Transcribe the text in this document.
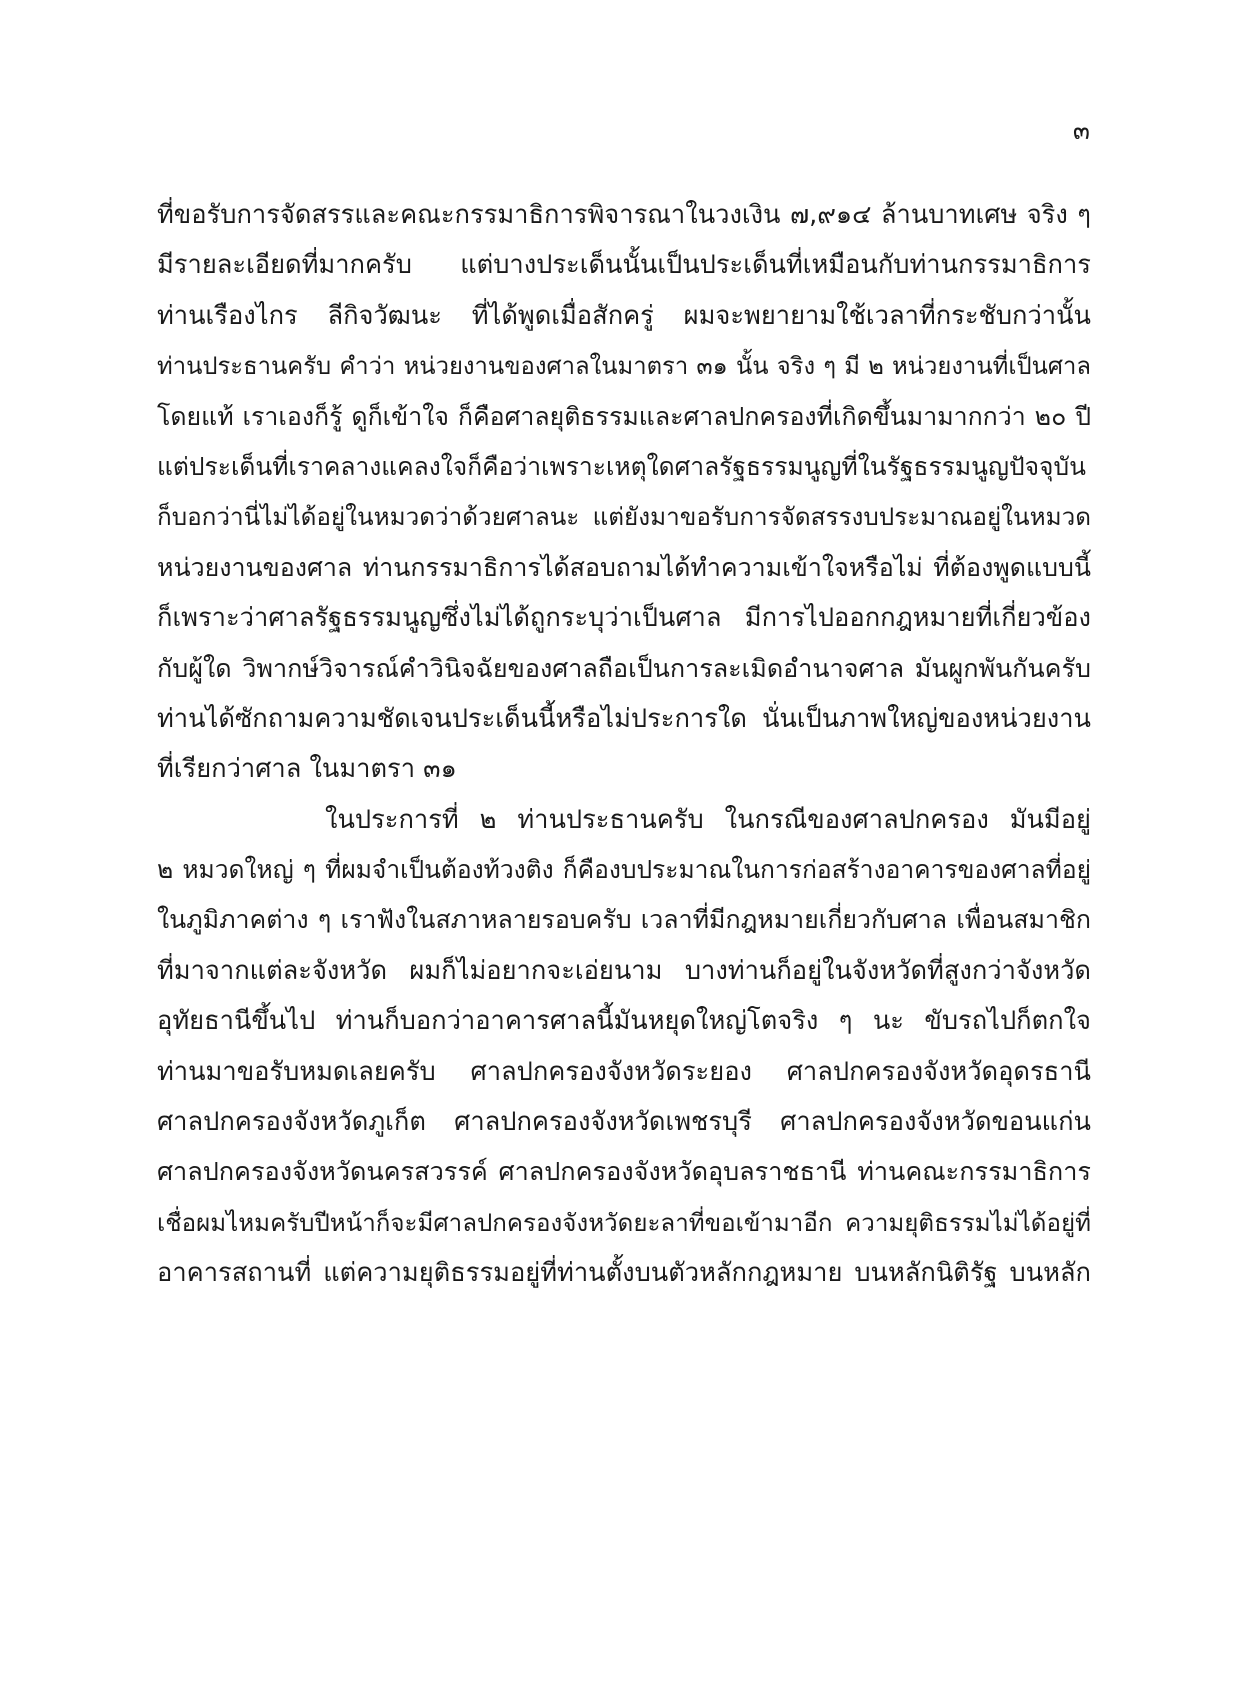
๓
ที่ขอรับการจัดสรรและคณะกรรมาธิการพิจารณาในวงเงิน ๗,๙๑๔ ล้านบาทเศษ จริง ๆ
มีรายละเอียดที่มากครับ แต่บางประเด็นนั้นเป็นประเด็นที่เหมือนกับท่านกรรมาธิการ
ท่านเรืองไกร ลีกิจวัฒนะ ที่ได้พูดเมื่อสักครู่ ผมจะพยายามใช้เวลาที่กระชับกว่านั้น
ท่านประธานครับ คำว่า หน่วยงานของศาลในมาตรา ๓๑ นั้น จริง ๆ มี ๒ หน่วยงานที่เป็นศาล
โดยแท้ เราเองก็รู้ ดูก็เข้าใจ ก็คือศาลยุติธรรมและศาลปกครองที่เกิดขึ้นมามากกว่า ๒๐ ปี
แต่ประเด็นที่เราคลางแคลงใจก็คือว่าเพราะเหตุใดศาลรัฐธรรมนูญที่ในรัฐธรรมนูญปัจจุบัน
ก็บอกว่านี่ไม่ได้อยู่ในหมวดว่าด้วยศาลนะ แต่ยังมาขอรับการจัดสรรงบประมาณอยู่ในหมวด
หน่วยงานของศาล ท่านกรรมาธิการได้สอบถามได้ทำความเข้าใจหรือไม่ ที่ต้องพูดแบบนี้
ก็เพราะว่าศาลรัฐธรรมนูญซึ่งไม่ได้ถูกระบุว่าเป็นศาล มีการไปออกกฎหมายที่เกี่ยวข้อง
กับผู้ใด วิพากษ์วิจารณ์คำวินิจฉัยของศาลถือเป็นการละเมิดอำนาจศาล มันผูกพันกันครับ
ท่านได้ซักถามความชัดเจนประเด็นนี้หรือไม่ประการใด นั่นเป็นภาพใหญ่ของหน่วยงาน
ที่เรียกว่าศาล ในมาตรา ๓๑
ในประการที่ ๒ ท่านประธานครับ ในกรณีของศาลปกครอง มันมีอยู่
๒ หมวดใหญ่ ๆ ที่ผมจำเป็นต้องท้วงติง ก็คืองบประมาณในการก่อสร้างอาคารของศาลที่อยู่
ในภูมิภาคต่าง ๆ เราฟังในสภาหลายรอบครับ เวลาที่มีกฎหมายเกี่ยวกับศาล เพื่อนสมาชิก
ที่มาจากแต่ละจังหวัด ผมก็ไม่อยากจะเอ่ยนาม บางท่านก็อยู่ในจังหวัดที่สูงกว่าจังหวัด
อุทัยธานีขึ้นไป ท่านก็บอกว่าอาคารศาลนี้มันหยุดใหญ่โตจริง ๆ นะ ขับรถไปก็ตกใจ
ท่านมาขอรับหมดเลยครับ ศาลปกครองจังหวัดระยอง ศาลปกครองจังหวัดอุดรธานี
ศาลปกครองจังหวัดภูเก็ต ศาลปกครองจังหวัดเพชรบุรี ศาลปกครองจังหวัดขอนแก่น
ศาลปกครองจังหวัดนครสวรรค์ ศาลปกครองจังหวัดอุบลราชธานี ท่านคณะกรรมาธิการ
เชื่อผมไหมครับปีหน้าก็จะมีศาลปกครองจังหวัดยะลาที่ขอเข้ามาอีก ความยุติธรรมไม่ได้อยู่ที่
อาคารสถานที่ แต่ความยุติธรรมอยู่ที่ท่านตั้งบนตัวหลักกฎหมาย บนหลักนิติรัฐ บนหลัก
